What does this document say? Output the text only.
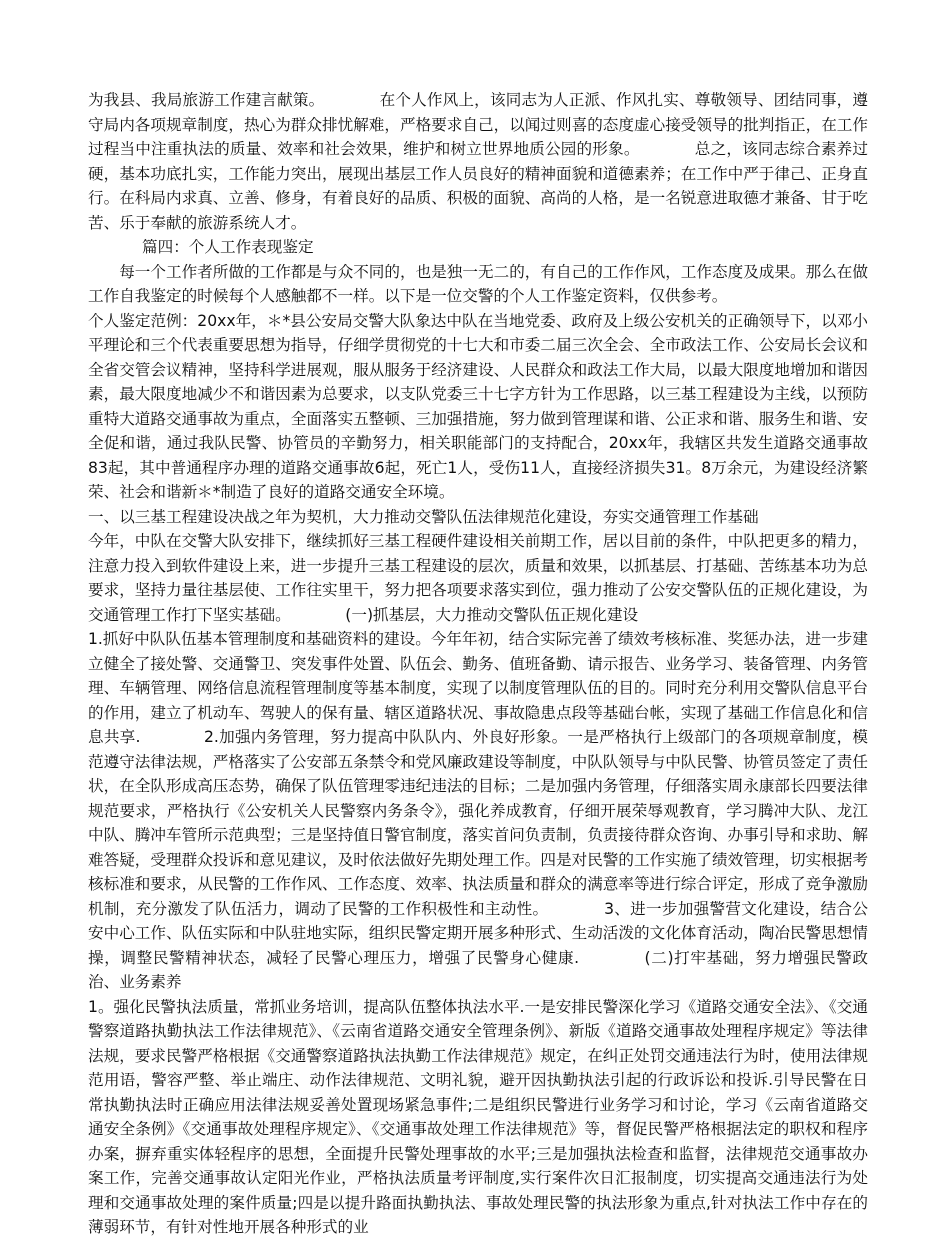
为我县、我局旅游工作建言献策。　　　　在个人作风上，该同志为人正派、作风扎实、尊敬领导、团结同事，遵守局内各项规章制度，热心为群众排忧解难，严格要求自己，以闻过则喜的态度虚心接受领导的批判指正，在工作过程当中注重执法的质量、效率和社会效果，维护和树立世界地质公园的形象。　　　　总之，该同志综合素养过硬，基本功底扎实，工作能力突出，展现出基层工作人员良好的精神面貌和道德素养；在工作中严于律己、正身直行。在科局内求真、立善、修身，有着良好的品质、积极的面貌、高尚的人格，是一名锐意进取德才兼备、甘于吃苦、乐于奉献的旅游系统人才。

篇四：个人工作表现鉴定

每一个工作者所做的工作都是与众不同的，也是独一无二的，有自己的工作作风，工作态度及成果。那么在做工作自我鉴定的时候每个人感触都不一样。以下是一位交警的个人工作鉴定资料，仅供参考。

个人鉴定范例：20xx年，＊*县公安局交警大队象达中队在当地党委、政府及上级公安机关的正确领导下，以邓小平理论和三个代表重要思想为指导，仔细学贯彻党的十七大和市委二届三次全会、全市政法工作、公安局长会议和全省交管会议精神，坚持科学进展观，服从服务于经济建设、人民群众和政法工作大局，以最大限度地增加和谐因素，最大限度地减少不和谐因素为总要求，以支队党委三十七字方针为工作思路，以三基工程建设为主线，以预防重特大道路交通事故为重点，全面落实五整顿、三加强措施，努力做到管理谋和谐、公正求和谐、服务生和谐、安全促和谐，通过我队民警、协管员的辛勤努力，相关职能部门的支持配合，20xx年，我辖区共发生道路交通事故83起，其中普通程序办理的道路交通事故6起，死亡1人，受伤11人，直接经济损失31。8万余元，为建设经济繁荣、社会和谐新＊*制造了良好的道路交通安全环境。

一、以三基工程建设决战之年为契机，大力推动交警队伍法律规范化建设，夯实交通管理工作基础

今年，中队在交警大队安排下，继续抓好三基工程硬件建设相关前期工作，居以目前的条件，中队把更多的精力，注意力投入到软件建设上来，进一步提升三基工程建设的层次，质量和效果，以抓基层、打基础、苦练基本功为总要求，坚持力量往基层使、工作往实里干，努力把各项要求落实到位，强力推动了公安交警队伍的正规化建设，为交通管理工作打下坚实基础。　　　　(一)抓基层，大力推动交警队伍正规化建设

1.抓好中队队伍基本管理制度和基础资料的建设。今年年初，结合实际完善了绩效考核标准、奖惩办法，进一步建立健全了接处警、交通警卫、突发事件处置、队伍会、勤务、值班备勤、请示报告、业务学习、装备管理、内务管理、车辆管理、网络信息流程管理制度等基本制度，实现了以制度管理队伍的目的。同时充分利用交警队信息平台的作用，建立了机动车、驾驶人的保有量、辖区道路状况、事故隐患点段等基础台帐，实现了基础工作信息化和信息共享.　　　　2.加强内务管理，努力提高中队队内、外良好形象。一是严格执行上级部门的各项规章制度，模范遵守法律法规，严格落实了公安部五条禁令和党风廉政建设等制度，中队队领导与中队民警、协管员签定了责任状，在全队形成高压态势，确保了队伍管理零违纪违法的目标；二是加强内务管理，仔细落实周永康部长四要法律规范要求，严格执行《公安机关人民警察内务条令》，强化养成教育，仔细开展荣辱观教育，学习腾冲大队、龙江中队、腾冲车管所示范典型；三是坚持值日警官制度，落实首问负责制，负责接待群众咨询、办事引导和求助、解难答疑，受理群众投诉和意见建议，及时依法做好先期处理工作。四是对民警的工作实施了绩效管理，切实根据考核标准和要求，从民警的工作作风、工作态度、效率、执法质量和群众的满意率等进行综合评定，形成了竞争激励机制，充分激发了队伍活力，调动了民警的工作积极性和主动性。　　　　3、进一步加强警营文化建设，结合公安中心工作、队伍实际和中队驻地实际，组织民警定期开展多种形式、生动活泼的文化体育活动，陶冶民警思想情操，调整民警精神状态，减轻了民警心理压力，增强了民警身心健康.　　　　(二)打牢基础，努力增强民警政治、业务素养

1。强化民警执法质量，常抓业务培训，提高队伍整体执法水平.一是安排民警深化学习《道路交通安全法》、《交通警察道路执勤执法工作法律规范》、《云南省道路交通安全管理条例》、新版《道路交通事故处理程序规定》等法律法规，要求民警严格根据《交通警察道路执法执勤工作法律规范》规定，在纠正处罚交通违法行为时，使用法律规范用语，警容严整、举止端庄、动作法律规范、文明礼貌，避开因执勤执法引起的行政诉讼和投诉.引导民警在日常执勤执法时正确应用法律法规妥善处置现场紧急事件;二是组织民警进行业务学习和讨论，学习《云南省道路交通安全条例》《交通事故处理程序规定》、《交通事故处理工作法律规范》等，督促民警严格根据法定的职权和程序办案，摒弃重实体轻程序的思想，全面提升民警处理事故的水平;三是加强执法检查和监督，法律规范交通事故办案工作，完善交通事故认定阳光作业，严格执法质量考评制度,实行案件次日汇报制度，切实提高交通违法行为处理和交通事故处理的案件质量;四是以提升路面执勤执法、事故处理民警的执法形象为重点,针对执法工作中存在的薄弱环节，有针对性地开展各种形式的业
